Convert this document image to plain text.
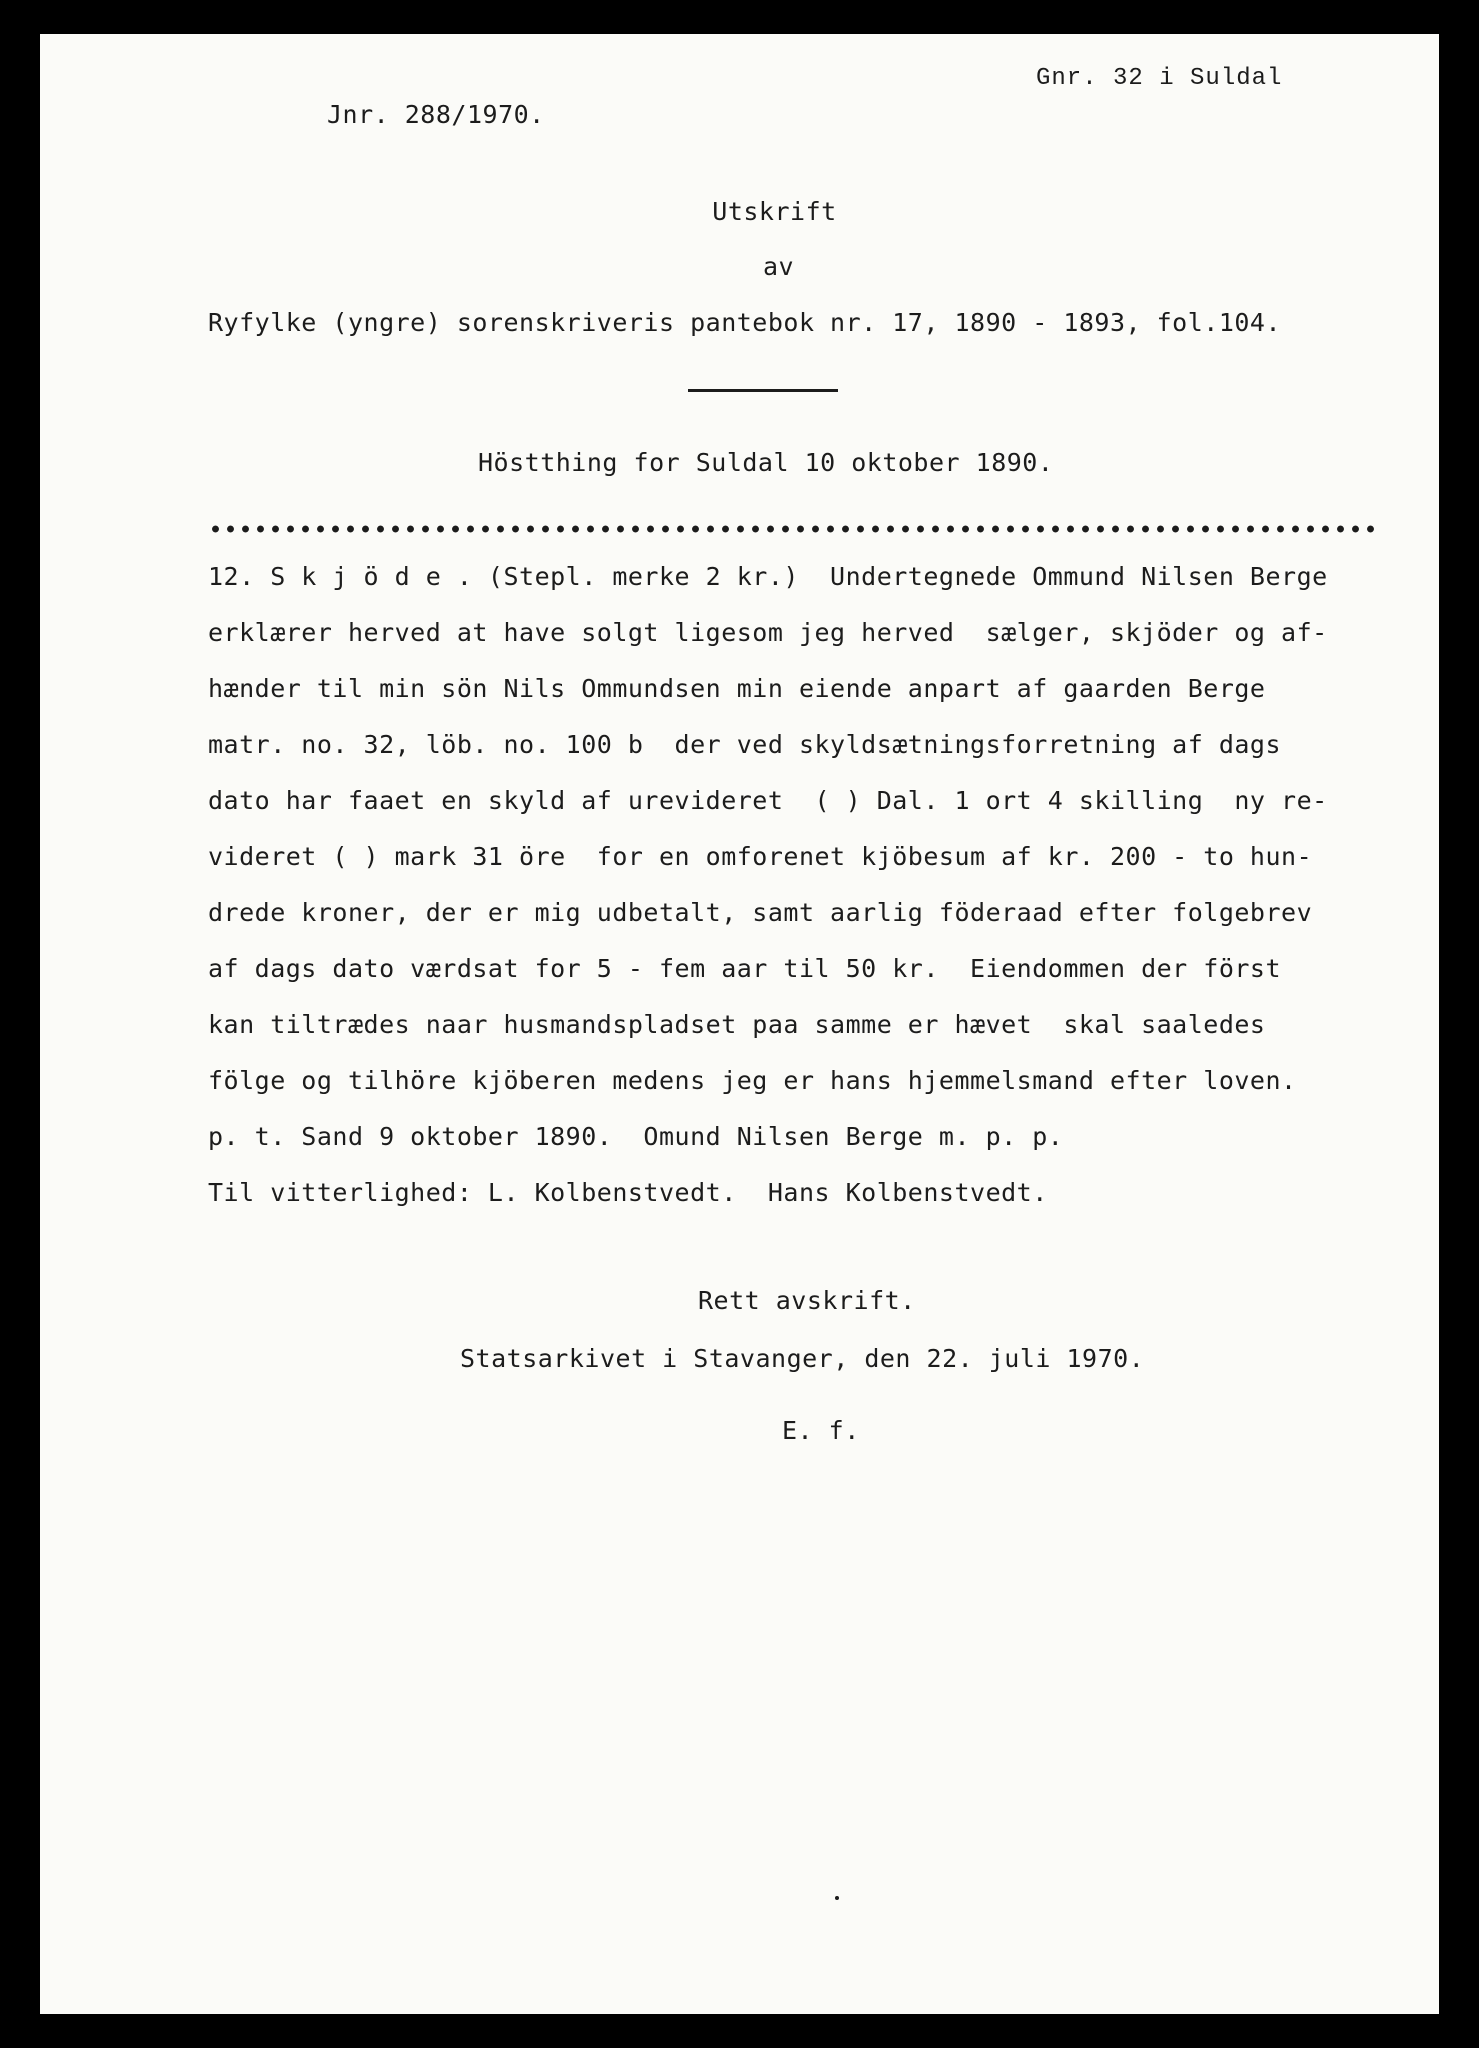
Gnr. 32 i Suldal
Jnr. 288/1970.
Utskrift
av
Ryfylke (yngre) sorenskriveris pantebok nr. 17, 1890 - 1893, fol.104.
Höstthing for Suldal 10 oktober 1890.
12. S k j ö d e . (Stepl. merke 2 kr.)  Undertegnede Ommund Nilsen Berge
erklærer herved at have solgt ligesom jeg herved  sælger, skjöder og af-
hænder til min sön Nils Ommundsen min eiende anpart af gaarden Berge
matr. no. 32, löb. no. 100 b  der ved skyldsætningsforretning af dags
dato har faaet en skyld af urevideret  ( ) Dal. 1 ort 4 skilling  ny re-
videret ( ) mark 31 öre  for en omforenet kjöbesum af kr. 200 - to hun-
drede kroner, der er mig udbetalt, samt aarlig föderaad efter folgebrev
af dags dato værdsat for 5 - fem aar til 50 kr.  Eiendommen der först
kan tiltrædes naar husmandspladset paa samme er hævet  skal saaledes
fölge og tilhöre kjöberen medens jeg er hans hjemmelsmand efter loven.
p. t. Sand 9 oktober 1890.  Omund Nilsen Berge m. p. p.
Til vitterlighed: L. Kolbenstvedt.  Hans Kolbenstvedt.
Rett avskrift.
Statsarkivet i Stavanger, den 22. juli 1970.
E. f.
